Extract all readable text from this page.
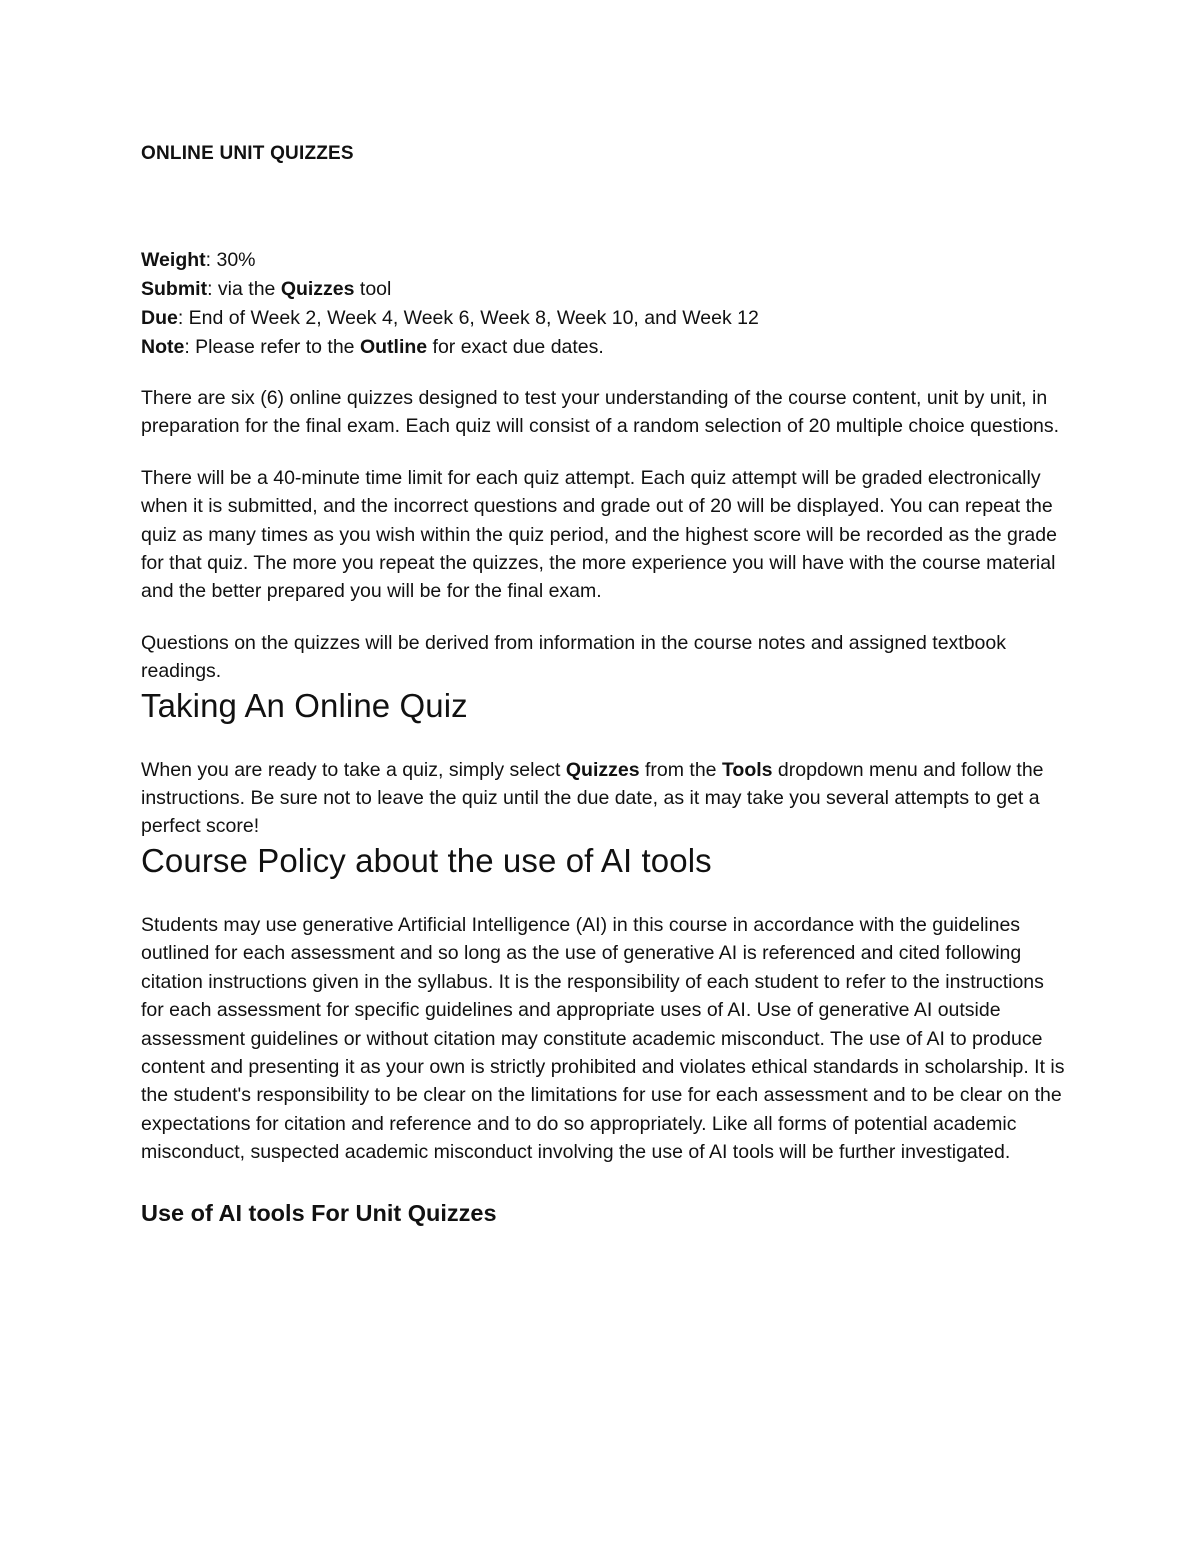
ONLINE UNIT QUIZZES
Weight: 30%
Submit: via the Quizzes tool
Due: End of Week 2, Week 4, Week 6, Week 8, Week 10, and Week 12
Note: Please refer to the Outline for exact due dates.

There are six (6) online quizzes designed to test your understanding of the course content, unit by unit, in preparation for the final exam. Each quiz will consist of a random selection of 20 multiple choice questions.

There will be a 40-minute time limit for each quiz attempt. Each quiz attempt will be graded electronically when it is submitted, and the incorrect questions and grade out of 20 will be displayed. You can repeat the quiz as many times as you wish within the quiz period, and the highest score will be recorded as the grade for that quiz. The more you repeat the quizzes, the more experience you will have with the course material and the better prepared you will be for the final exam.

Questions on the quizzes will be derived from information in the course notes and assigned textbook readings.

Taking An Online Quiz

When you are ready to take a quiz, simply select Quizzes from the Tools dropdown menu and follow the instructions. Be sure not to leave the quiz until the due date, as it may take you several attempts to get a perfect score!

Course Policy about the use of AI tools

Students may use generative Artificial Intelligence (AI) in this course in accordance with the guidelines outlined for each assessment and so long as the use of generative AI is referenced and cited following citation instructions given in the syllabus. It is the responsibility of each student to refer to the instructions for each assessment for specific guidelines and appropriate uses of AI. Use of generative AI outside assessment guidelines or without citation may constitute academic misconduct. The use of AI to produce content and presenting it as your own is strictly prohibited and violates ethical standards in scholarship. It is the student's responsibility to be clear on the limitations for use for each assessment and to be clear on the expectations for citation and reference and to do so appropriately. Like all forms of potential academic misconduct, suspected academic misconduct involving the use of AI tools will be further investigated.

Use of AI tools For Unit Quizzes
